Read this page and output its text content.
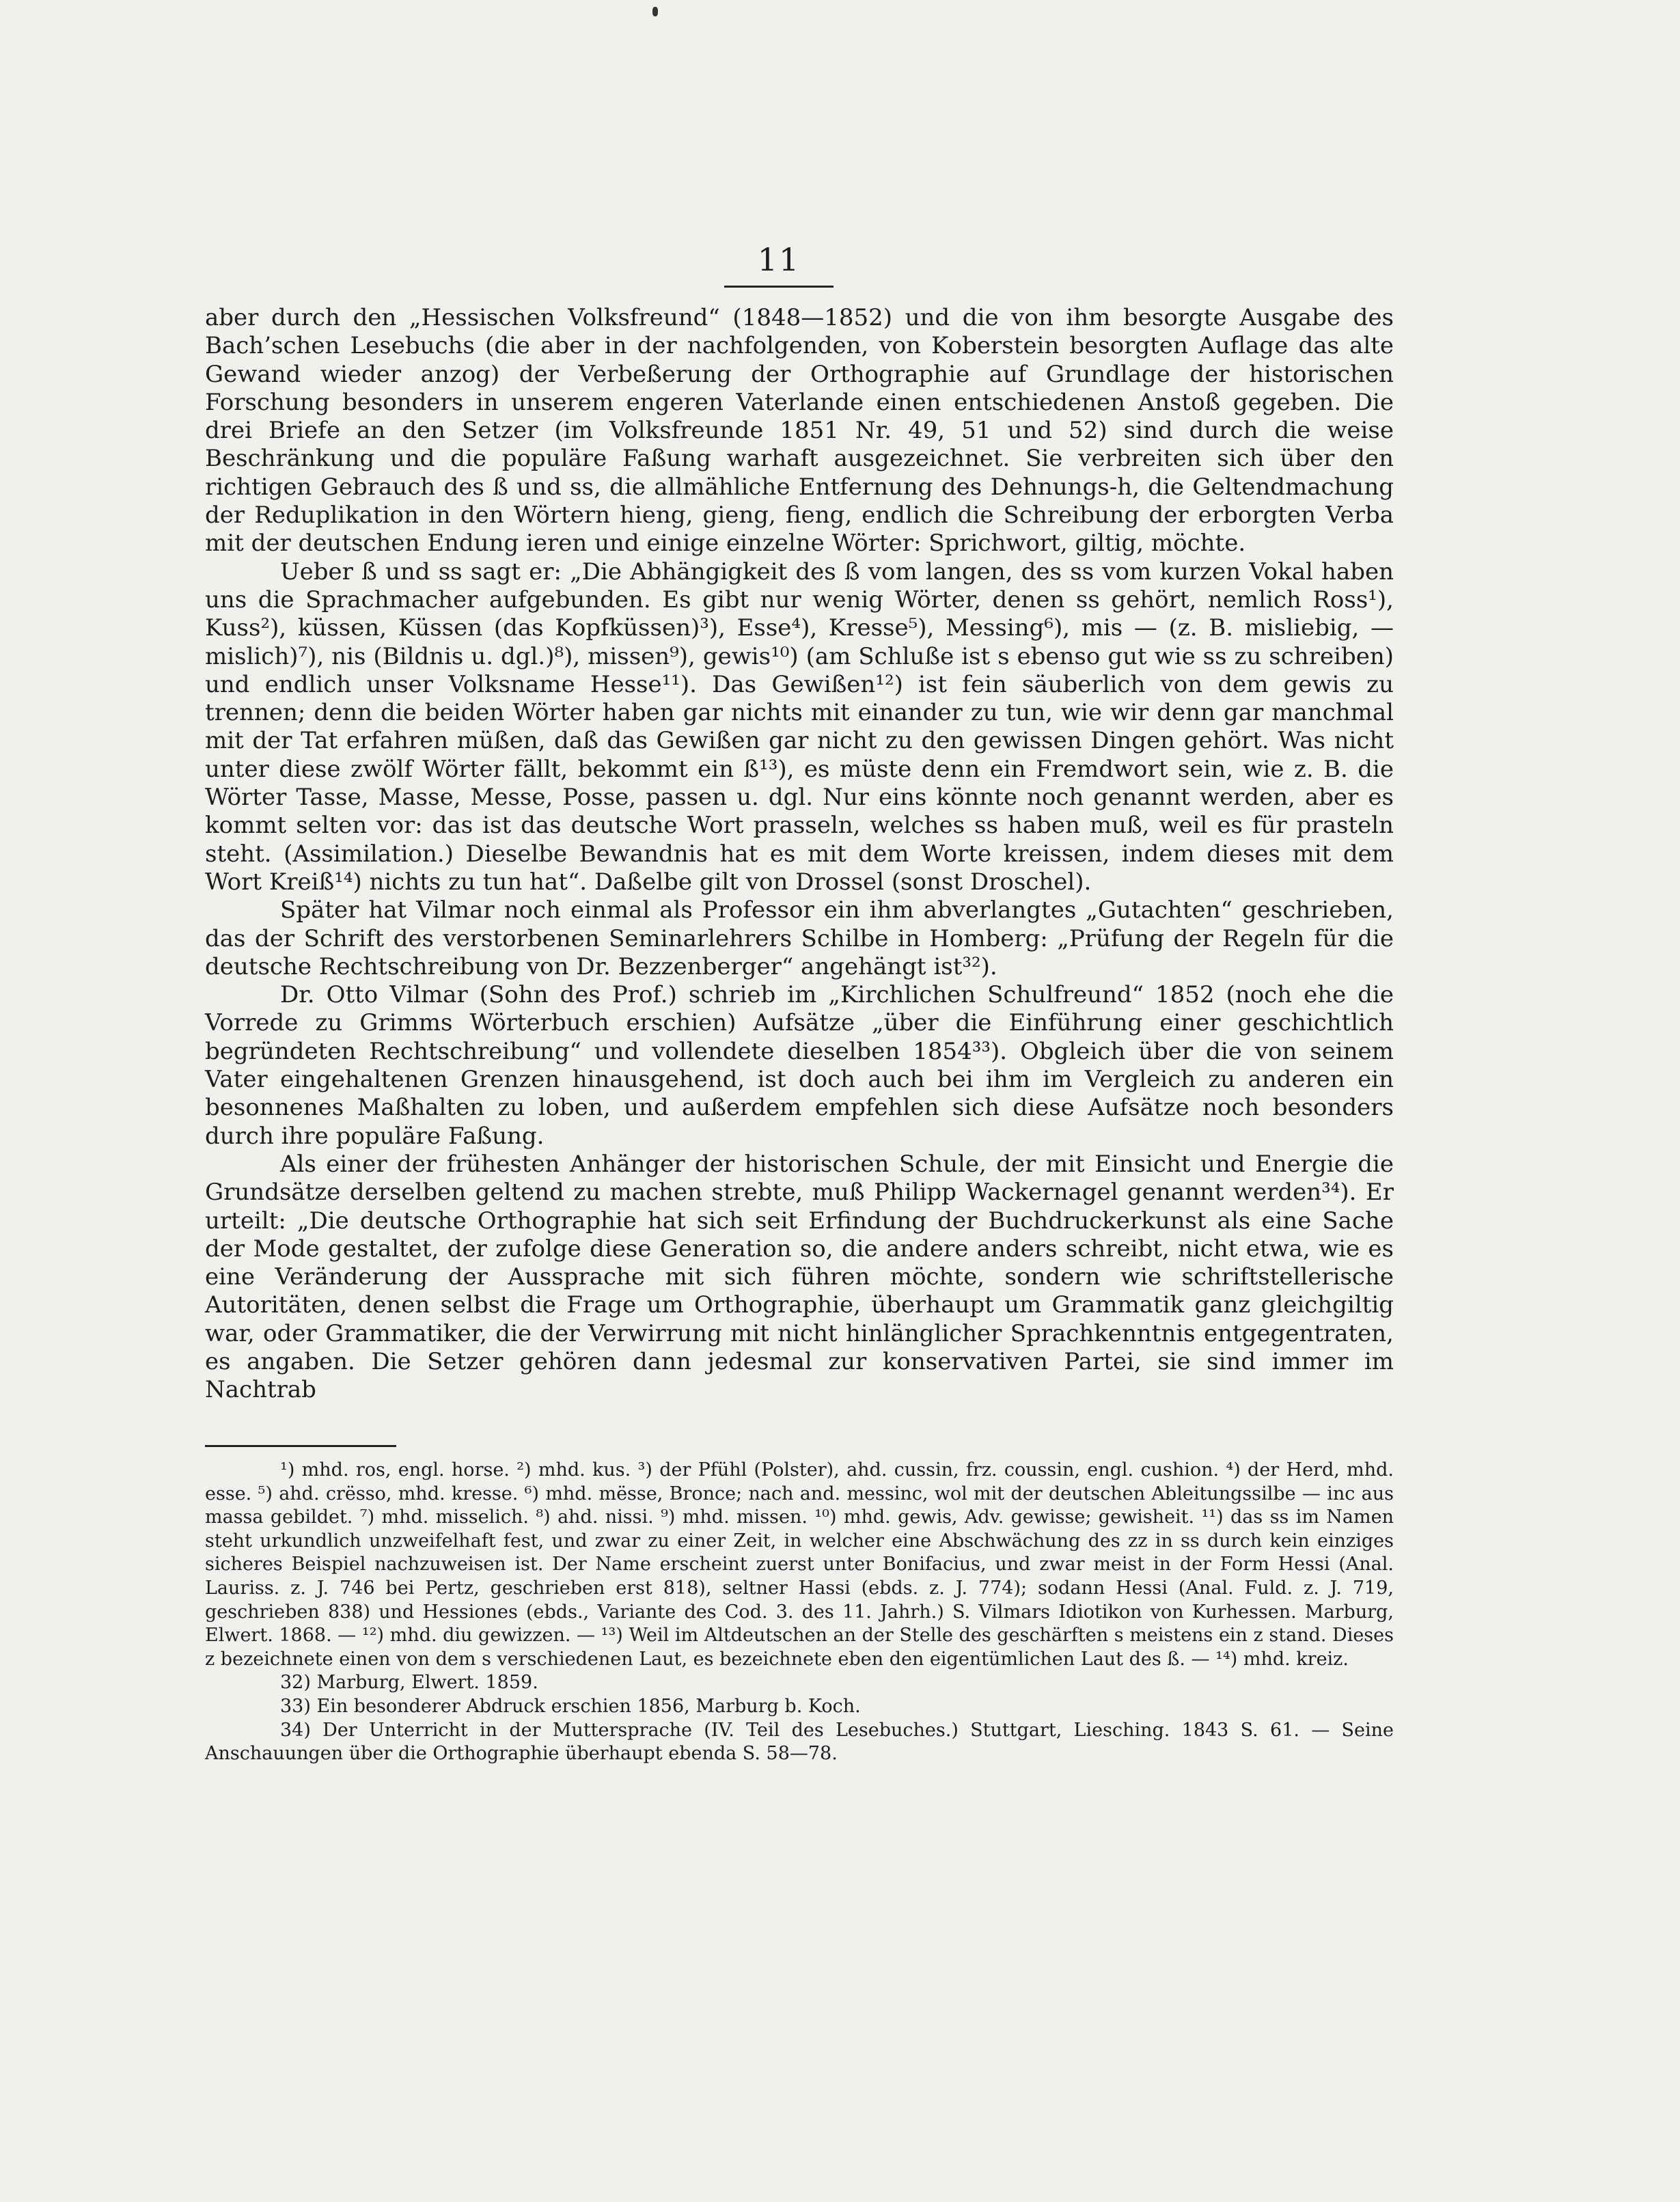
11

aber durch den „Hessischen Volksfreund“ (1848—1852) und die von ihm besorgte Ausgabe des Bach’schen Lesebuchs (die aber in der nachfolgenden, von Koberstein besorgten Auflage das alte Gewand wieder anzog) der Verbeßerung der Orthographie auf Grundlage der historischen Forschung besonders in unserem engeren Vaterlande einen entschiedenen Anstoß gegeben. Die drei Briefe an den Setzer (im Volksfreunde 1851 Nr. 49, 51 und 52) sind durch die weise Beschränkung und die populäre Faßung warhaft ausgezeichnet. Sie verbreiten sich über den richtigen Gebrauch des ß und ss, die allmähliche Entfernung des Dehnungs-h, die Geltendmachung der Reduplikation in den Wörtern hieng, gieng, fieng, endlich die Schreibung der erborgten Verba mit der deutschen Endung ieren und einige einzelne Wörter: Sprichwort, giltig, möchte.

Ueber ß und ss sagt er: „Die Abhängigkeit des ß vom langen, des ss vom kurzen Vokal haben uns die Sprachmacher aufgebunden. Es gibt nur wenig Wörter, denen ss gehört, nemlich Ross¹), Kuss²), küssen, Küssen (das Kopfküssen)³), Esse⁴), Kresse⁵), Messing⁶), mis — (z. B. misliebig, — mislich)⁷), nis (Bildnis u. dgl.)⁸), missen⁹), gewis¹⁰) (am Schluße ist s ebenso gut wie ss zu schreiben) und endlich unser Volksname Hesse¹¹). Das Gewißen¹²) ist fein säuberlich von dem gewis zu trennen; denn die beiden Wörter haben gar nichts mit einander zu tun, wie wir denn gar manchmal mit der Tat erfahren müßen, daß das Gewißen gar nicht zu den gewissen Dingen gehört. Was nicht unter diese zwölf Wörter fällt, bekommt ein ß¹³), es müste denn ein Fremdwort sein, wie z. B. die Wörter Tasse, Masse, Messe, Posse, passen u. dgl. Nur eins könnte noch genannt werden, aber es kommt selten vor: das ist das deutsche Wort prasseln, welches ss haben muß, weil es für prasteln steht. (Assimilation.) Dieselbe Bewandnis hat es mit dem Worte kreissen, indem dieses mit dem Wort Kreiß¹⁴) nichts zu tun hat“. Daßelbe gilt von Drossel (sonst Droschel).

Später hat Vilmar noch einmal als Professor ein ihm abverlangtes „Gutachten“ geschrieben, das der Schrift des verstorbenen Seminarlehrers Schilbe in Homberg: „Prüfung der Regeln für die deutsche Rechtschreibung von Dr. Bezzenberger“ angehängt ist³²).

Dr. Otto Vilmar (Sohn des Prof.) schrieb im „Kirchlichen Schulfreund“ 1852 (noch ehe die Vorrede zu Grimms Wörterbuch erschien) Aufsätze „über die Einführung einer geschichtlich begründeten Rechtschreibung“ und vollendete dieselben 1854³³). Obgleich über die von seinem Vater eingehaltenen Grenzen hinausgehend, ist doch auch bei ihm im Vergleich zu anderen ein besonnenes Maßhalten zu loben, und außerdem empfehlen sich diese Aufsätze noch besonders durch ihre populäre Faßung.

Als einer der frühesten Anhänger der historischen Schule, der mit Einsicht und Energie die Grundsätze derselben geltend zu machen strebte, muß Philipp Wackernagel genannt werden³⁴). Er urteilt: „Die deutsche Orthographie hat sich seit Erfindung der Buchdruckerkunst als eine Sache der Mode gestaltet, der zufolge diese Generation so, die andere anders schreibt, nicht etwa, wie es eine Veränderung der Aussprache mit sich führen möchte, sondern wie schriftstellerische Autoritäten, denen selbst die Frage um Orthographie, überhaupt um Grammatik ganz gleichgiltig war, oder Grammatiker, die der Verwirrung mit nicht hinlänglicher Sprachkenntnis entgegentraten, es angaben. Die Setzer gehören dann jedesmal zur konservativen Partei, sie sind immer im Nachtrab

¹) mhd. ros, engl. horse. ²) mhd. kus. ³) der Pfühl (Polster), ahd. cussin, frz. coussin, engl. cushion. ⁴) der Herd, mhd. esse. ⁵) ahd. crësso, mhd. kresse. ⁶) mhd. mësse, Bronce; nach and. messinc, wol mit der deutschen Ableitungssilbe — inc aus massa gebildet. ⁷) mhd. misselich. ⁸) ahd. nissi. ⁹) mhd. missen. ¹⁰) mhd. gewis, Adv. gewisse; gewisheit. ¹¹) das ss im Namen steht urkundlich unzweifelhaft fest, und zwar zu einer Zeit, in welcher eine Abschwächung des zz in ss durch kein einziges sicheres Beispiel nachzuweisen ist. Der Name erscheint zuerst unter Bonifacius, und zwar meist in der Form Hessi (Anal. Lauriss. z. J. 746 bei Pertz, geschrieben erst 818), seltner Hassi (ebds. z. J. 774); sodann Hessi (Anal. Fuld. z. J. 719, geschrieben 838) und Hessiones (ebds., Variante des Cod. 3. des 11. Jahrh.) S. Vilmars Idiotikon von Kurhessen. Marburg, Elwert. 1868. — ¹²) mhd. diu gewizzen. — ¹³) Weil im Altdeutschen an der Stelle des geschärften s meistens ein z stand. Dieses z bezeichnete einen von dem s verschiedenen Laut, es bezeichnete eben den eigentümlichen Laut des ß. — ¹⁴) mhd. kreiz.

32) Marburg, Elwert. 1859.

33) Ein besonderer Abdruck erschien 1856, Marburg b. Koch.

34) Der Unterricht in der Muttersprache (IV. Teil des Lesebuches.) Stuttgart, Liesching. 1843 S. 61. — Seine Anschauungen über die Orthographie überhaupt ebenda S. 58—78.
